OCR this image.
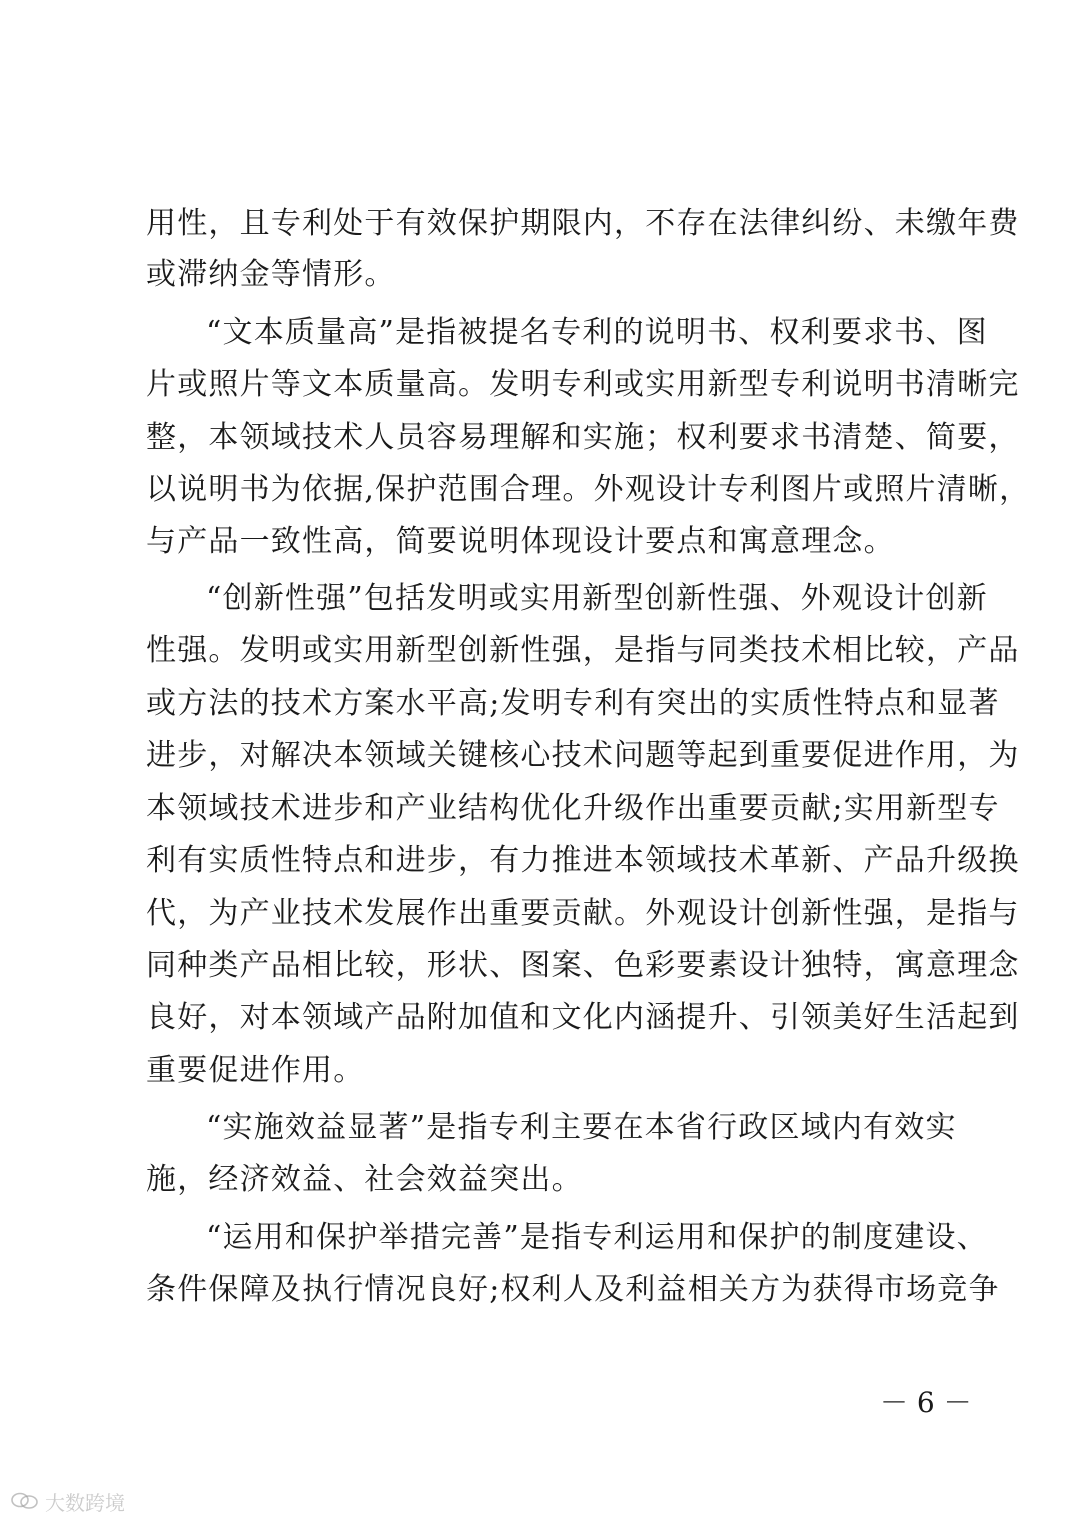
用性，且专利处于有效保护期限内，不存在法律纠纷、未缴年费
或滞纳金等情形。
“文本质量高”是指被提名专利的说明书、权利要求书、图
片或照片等文本质量高。发明专利或实用新型专利说明书清晰完
整，本领域技术人员容易理解和实施；权利要求书清楚、简要，
以说明书为依据,保护范围合理。外观设计专利图片或照片清晰，
与产品一致性高，简要说明体现设计要点和寓意理念。
“创新性强”包括发明或实用新型创新性强、外观设计创新
性强。发明或实用新型创新性强，是指与同类技术相比较，产品
或方法的技术方案水平高;发明专利有突出的实质性特点和显著
进步，对解决本领域关键核心技术问题等起到重要促进作用，为
本领域技术进步和产业结构优化升级作出重要贡献;实用新型专
利有实质性特点和进步，有力推进本领域技术革新、产品升级换
代，为产业技术发展作出重要贡献。外观设计创新性强，是指与
同种类产品相比较，形状、图案、色彩要素设计独特，寓意理念
良好，对本领域产品附加值和文化内涵提升、引领美好生活起到
重要促进作用。
“实施效益显著”是指专利主要在本省行政区域内有效实
施，经济效益、社会效益突出。
“运用和保护举措完善”是指专利运用和保护的制度建设、
条件保障及执行情况良好;权利人及利益相关方为获得市场竞争
－ 6 －
大数跨境
